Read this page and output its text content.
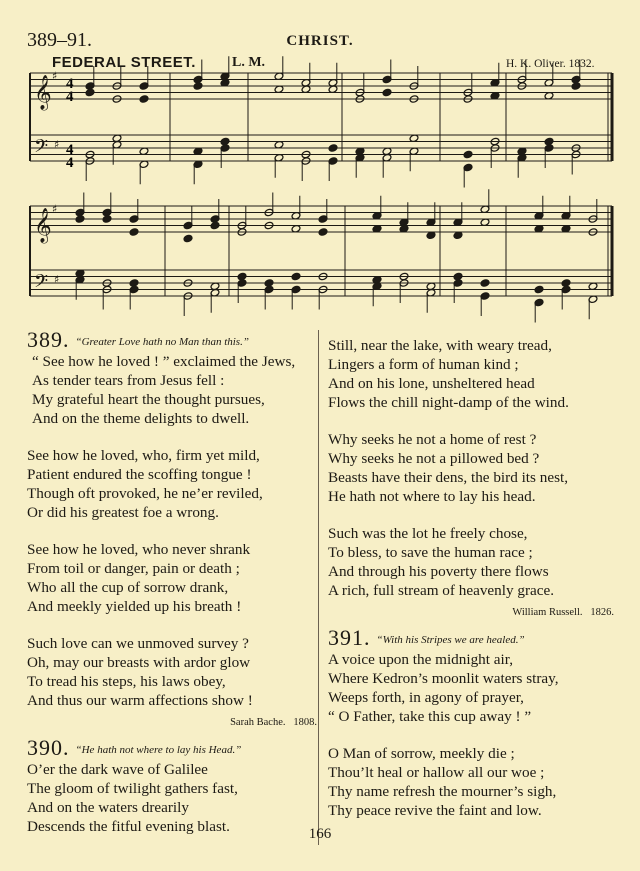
389–91.	CHRIST.
FEDERAL STREET.	L. M.	H. K. Oliver. 1832.
4
4
4
4
𝄞 ♯
𝄢 ♯
𝄞 ♯
𝄢 ♯
389. $^{“Greater Love hath no Man than this.”}$
“ See how he loved ! ” exclaimed the Jews,
As tender tears from Jesus fell :
My grateful heart the thought pursues,
And on the theme delights to dwell.
See how he loved, who, firm yet mild,
Patient endured the scoffing tongue !
Though oft provoked, he ne’er reviled,
Or did his greatest foe a wrong.
See how he loved, who never shrank
From toil or danger, pain or death ;
Who all the cup of sorrow drank,
And meekly yielded up his breath !
Such love can we unmoved survey ?
Oh, may our breasts with ardor glow
To tread his steps, his laws obey,
And thus our warm affections show !
Sarah Bache. 1808.
390. $^{“He hath not where to lay his Head.”}$
O’er the dark wave of Galilee
The gloom of twilight gathers fast,
And on the waters drearily
Descends the fitful evening blast.
Still, near the lake, with weary tread,
Lingers a form of human kind ;
And on his lone, unsheltered head
Flows the chill night-damp of the wind.
Why seeks he not a home of rest ?
Why seeks he not a pillowed bed ?
Beasts have their dens, the bird its nest,
He hath not where to lay his head.
Such was the lot he freely chose,
To bless, to save the human race ;
And through his poverty there flows
A rich, full stream of heavenly grace.
William Russell. 1826.
391. $^{“With his Stripes we are healed.”}$
A voice upon the midnight air,
Where Kedron’s moonlit waters stray,
Weeps forth, in agony of prayer,
“ O Father, take this cup away ! ”
O Man of sorrow, meekly die ;
Thou’lt heal or hallow all our woe ;
Thy name refresh the mourner’s sigh,
Thy peace revive the faint and low.
166
